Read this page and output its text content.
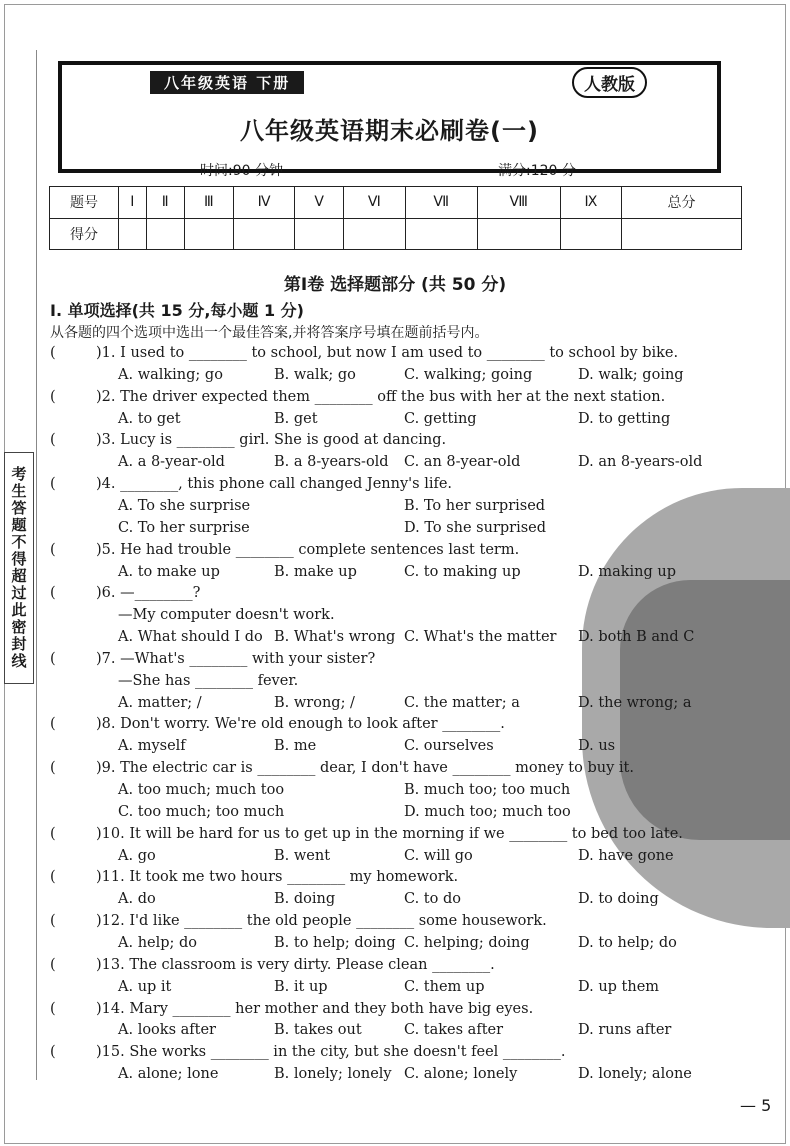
考生答题不得超过此密封线
八年级英语 下册	人教版
八年级英语期末必刷卷(一)
时间:90 分钟	满分:120 分
题号	Ⅰ	Ⅱ	Ⅲ	Ⅳ	Ⅴ	Ⅵ	Ⅶ	Ⅷ	Ⅸ	总分
得分										
第Ⅰ卷 选择题部分 (共 50 分)
Ⅰ. 单项选择(共 15 分,每小题 1 分)
从各题的四个选项中选出一个最佳答案,并将答案序号填在题前括号内。
(	)1. I used to ________ to school, but now I am used to ________ to school by bike.
A. walking; go	B. walk; go	C. walking; going	D. walk; going
(	)2. The driver expected them ________ off the bus with her at the next station.
A. to get	B. get	C. getting	D. to getting
(	)3. Lucy is ________ girl. She is good at dancing.
A. a 8-year-old	B. a 8-years-old C. an 8-year-old	D. an 8-years-old
(	)4. ________, this phone call changed Jenny's life.
A. To she surprise	B. To her surprised
C. To her surprise	D. To she surprised
(	)5. He had trouble ________ complete sentences last term.
A. to make up	B. make up	C. to making up	D. making up
(	)6. —________?
—My computer doesn't work.
A. What should I do B. What's wrong C. What's the matter D. both B and C
(	)7. —What's ________ with your sister?
—She has ________ fever.
A. matter; /	B. wrong; /	C. the matter; a	D. the wrong; a
(	)8. Don't worry. We're old enough to look after ________.
A. myself	B. me	C. ourselves	D. us
(	)9. The electric car is ________ dear, I don't have ________ money to buy it.
A. too much; much too	B. much too; too much
C. too much; too much	D. much too; much too
(	)10. It will be hard for us to get up in the morning if we ________ to bed too late.
A. go	B. went	C. will go	D. have gone
(	)11. It took me two hours ________ my homework.
A. do	B. doing	C. to do	D. to doing
(	)12. I'd like ________ the old people ________ some housework.
A. help; do	B. to help; doing C. helping; doing	D. to help; do
(	)13. The classroom is very dirty. Please clean ________.
A. up it	B. it up	C. them up	D. up them
(	)14. Mary ________ her mother and they both have big eyes.
A. looks after	B. takes out	C. takes after	D. runs after
(	)15. She works ________ in the city, but she doesn't feel ________.
A. alone; lone	B. lonely; lonely C. alone; lonely	D. lonely; alone
— 5
